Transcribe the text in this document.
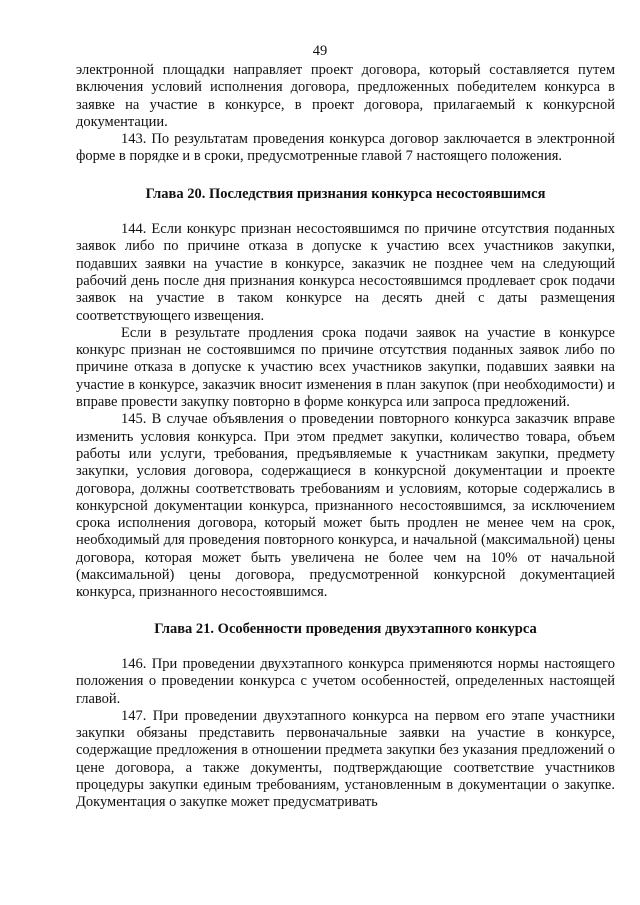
49

электронной площадки направляет проект договора, который составляется путем включения условий исполнения договора, предложенных победителем конкурса в заявке на участие в конкурсе, в проект договора, прилагаемый к конкурсной документации.

143. По результатам проведения конкурса договор заключается в электронной форме в порядке и в сроки, предусмотренные главой 7 настоящего положения.

Глава 20. Последствия признания конкурса несостоявшимся

144. Если конкурс признан несостоявшимся по причине отсутствия поданных заявок либо по причине отказа в допуске к участию всех участников закупки, подавших заявки на участие в конкурсе, заказчик не позднее чем на следующий рабочий день после дня признания конкурса несостоявшимся продлевает срок подачи заявок на участие в таком конкурсе на десять дней с даты размещения соответствующего извещения.

Если в результате продления срока подачи заявок на участие в конкурсе конкурс признан не состоявшимся по причине отсутствия поданных заявок либо по причине отказа в допуске к участию всех участников закупки, подавших заявки на участие в конкурсе, заказчик вносит изменения в план закупок (при необходимости) и вправе провести закупку повторно в форме конкурса или запроса предложений.

145. В случае объявления о проведении повторного конкурса заказчик вправе изменить условия конкурса. При этом предмет закупки, количество товара, объем работы или услуги, требования, предъявляемые к участникам закупки, предмету закупки, условия договора, содержащиеся в конкурсной документации и проекте договора, должны соответствовать требованиям и условиям, которые содержались в конкурсной документации конкурса, признанного несостоявшимся, за исключением срока исполнения договора, который может быть продлен не менее чем на срок, необходимый для проведения повторного конкурса, и начальной (максимальной) цены договора, которая может быть увеличена не более чем на 10% от начальной (максимальной) цены договора, предусмотренной конкурсной документацией конкурса, признанного несостоявшимся.

Глава 21. Особенности проведения двухэтапного конкурса

146. При проведении двухэтапного конкурса применяются нормы настоящего положения о проведении конкурса с учетом особенностей, определенных настоящей главой.

147. При проведении двухэтапного конкурса на первом его этапе участники закупки обязаны представить первоначальные заявки на участие в конкурсе, содержащие предложения в отношении предмета закупки без указания предложений о цене договора, а также документы, подтверждающие соответствие участников процедуры закупки единым требованиям, установленным в документации о закупке. Документация о закупке может предусматривать
